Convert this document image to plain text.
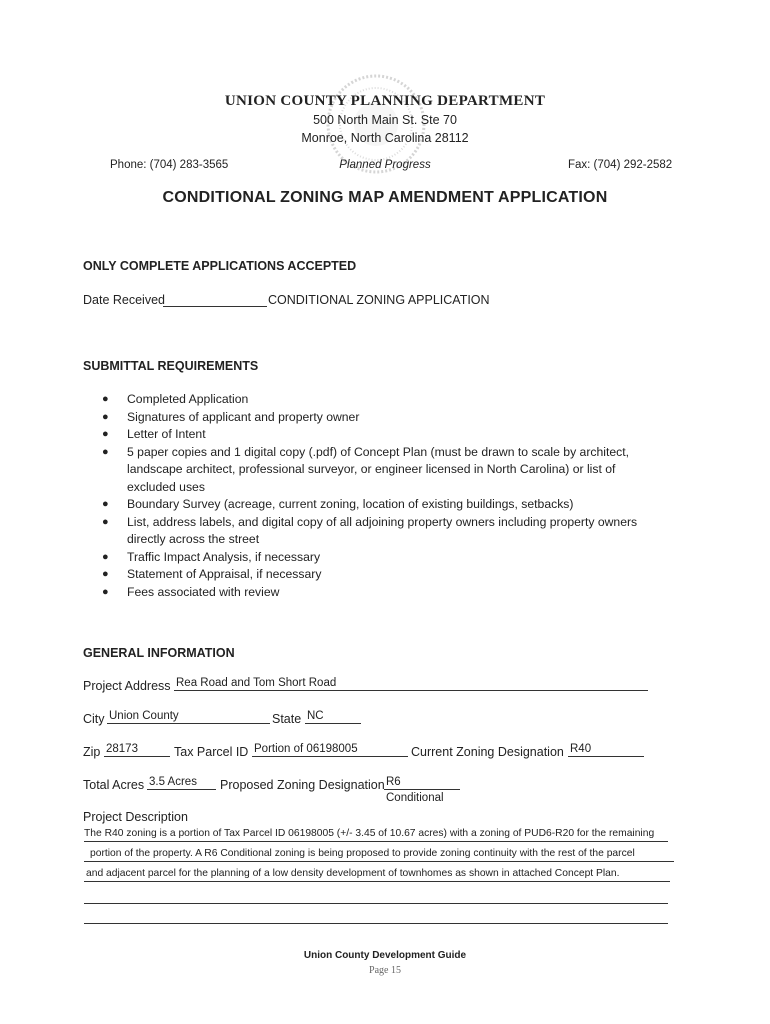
UNION COUNTY PLANNING DEPARTMENT
500 North Main St. Ste 70
Monroe, North Carolina 28112
Phone: (704) 283-3565	Planned Progress	Fax: (704) 292-2582
CONDITIONAL ZONING MAP AMENDMENT APPLICATION
ONLY COMPLETE APPLICATIONS ACCEPTED
Date Received	CONDITIONAL ZONING APPLICATION
SUBMITTAL REQUIREMENTS
● Completed Application
● Signatures of applicant and property owner
● Letter of Intent
● 5 paper copies and 1 digital copy (.pdf) of Concept Plan (must be drawn to scale by architect,
landscape architect, professional surveyor, or engineer licensed in North Carolina) or list of
excluded uses
● Boundary Survey (acreage, current zoning, location of existing buildings, setbacks)
● List, address labels, and digital copy of all adjoining property owners including property owners
directly across the street
● Traffic Impact Analysis, if necessary
● Statement of Appraisal, if necessary
● Fees associated with review
GENERAL INFORMATION
Project Address Rea Road and Tom Short Road
City Union County	State NC
Zip 28173	Tax Parcel ID Portion of 06198005	Current Zoning Designation R40
Total Acres 3.5 Acres	Proposed Zoning Designation R6 Conditional
Project Description
The R40 zoning is a portion of Tax Parcel ID 06198005 (+/- 3.45 of 10.67 acres) with a zoning of PUD6-R20 for the remaining
portion of the property. A R6 Conditional zoning is being proposed to provide zoning continuity with the rest of the parcel
and adjacent parcel for the planning of a low density development of townhomes as shown in attached Concept Plan.
Union County Development Guide
Page 15
